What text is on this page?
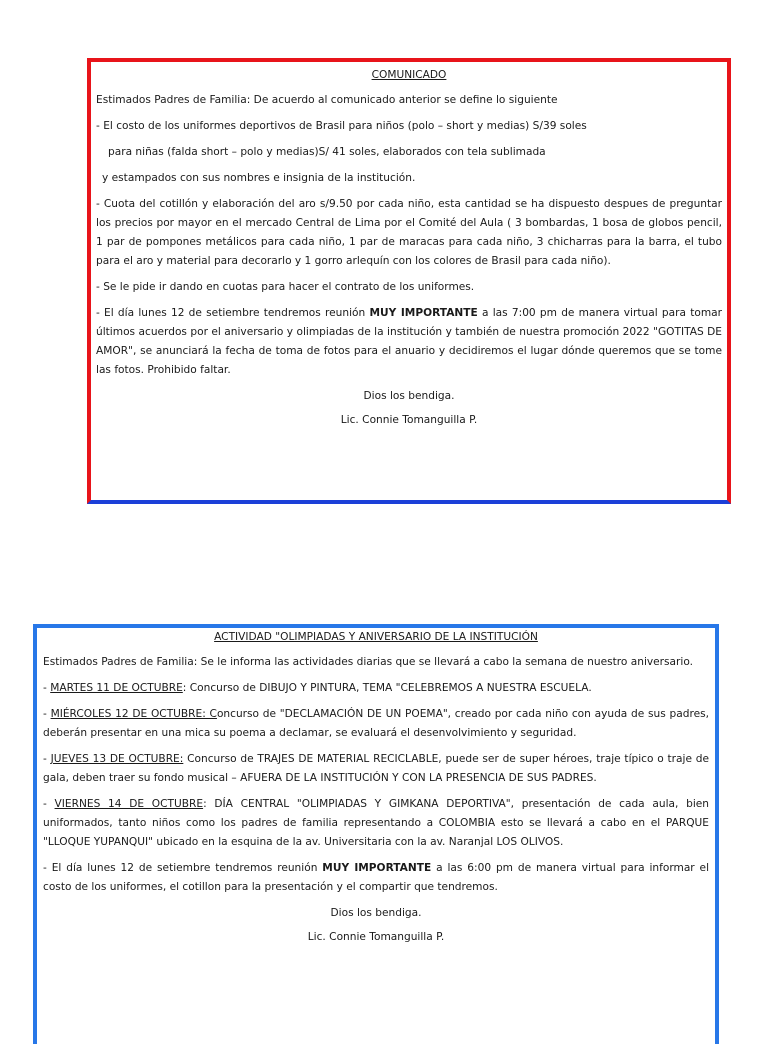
COMUNICADO

Estimados Padres de Familia: De acuerdo al comunicado anterior se define lo siguiente

- El costo de los uniformes deportivos de Brasil para niños (polo – short y medias) S/39 soles

para niñas (falda short – polo y medias)S/ 41 soles, elaborados con tela sublimada

y estampados con sus nombres e insignia de la institución.

- Cuota del cotillón y elaboración del aro s/9.50 por cada niño, esta cantidad se ha dispuesto despues de preguntar los precios por mayor en el mercado Central de Lima por el Comité del Aula ( 3 bombardas, 1 bosa de globos pencil, 1 par de pompones metálicos para cada niño, 1 par de maracas para cada niño, 3 chicharras para la barra, el tubo para el aro y material para decorarlo y 1 gorro arlequín con los colores de Brasil para cada niño).

- Se le pide ir dando en cuotas para hacer el contrato de los uniformes.

- El día lunes 12 de setiembre tendremos reunión MUY IMPORTANTE a las 7:00 pm de manera virtual para tomar últimos acuerdos por el aniversario y olimpiadas de la institución y también de nuestra promoción 2022 "GOTITAS DE AMOR", se anunciará la fecha de toma de fotos para el anuario y decidiremos el lugar dónde queremos que se tome las fotos. Prohibido faltar.

Dios los bendiga.

Lic. Connie Tomanguilla P.

ACTIVIDAD "OLIMPIADAS Y ANIVERSARIO DE LA INSTITUCIÓN

Estimados Padres de Familia: Se le informa las actividades diarias que se llevará a cabo la semana de nuestro aniversario.

- MARTES 11 DE OCTUBRE: Concurso de DIBUJO Y PINTURA, TEMA "CELEBREMOS A NUESTRA ESCUELA.

- MIÉRCOLES 12 DE OCTUBRE: Concurso de "DECLAMACIÓN DE UN POEMA", creado por cada niño con ayuda de sus padres, deberán presentar en una mica su poema a declamar, se evaluará el desenvolvimiento y seguridad.

- JUEVES 13 DE OCTUBRE: Concurso de TRAJES DE MATERIAL RECICLABLE, puede ser de super héroes, traje típico o traje de gala, deben traer su fondo musical – AFUERA DE LA INSTITUCIÓN Y CON LA PRESENCIA DE SUS PADRES.

- VIERNES 14 DE OCTUBRE: DÍA CENTRAL "OLIMPIADAS Y GIMKANA DEPORTIVA", presentación de cada aula, bien uniformados, tanto niños como los padres de familia representando a COLOMBIA esto se llevará a cabo en el PARQUE "LLOQUE YUPANQUI" ubicado en la esquina de la av. Universitaria con la av. Naranjal LOS OLIVOS.

- El día lunes 12 de setiembre tendremos reunión MUY IMPORTANTE a las 6:00 pm de manera virtual para informar el costo de los uniformes, el cotillon para la presentación y el compartir que tendremos.

Dios los bendiga.

Lic. Connie Tomanguilla P.
